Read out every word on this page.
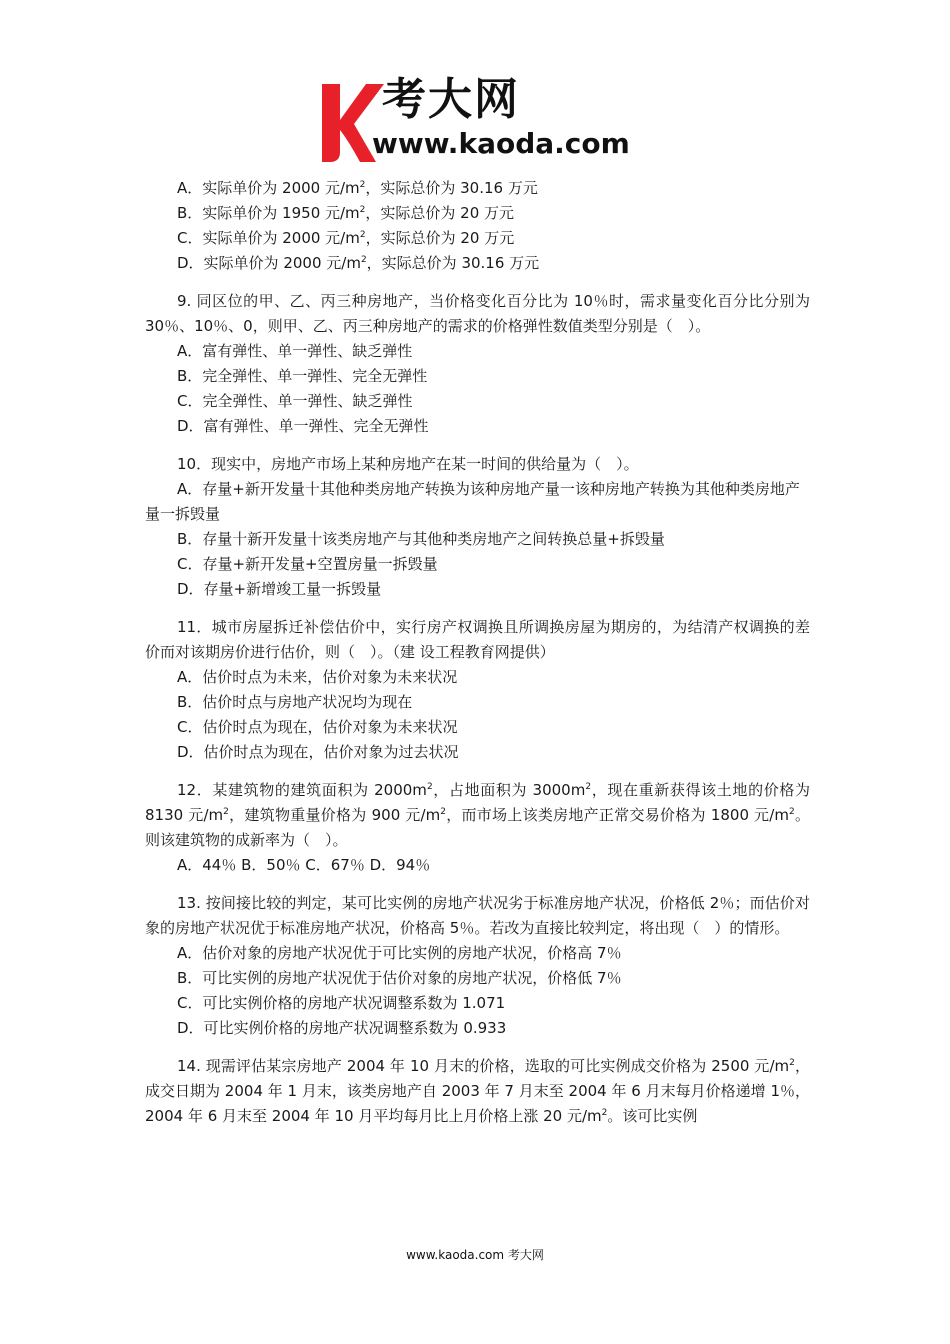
考大网
www.kaoda.com
A．实际单价为 2000 元$/m^2$，实际总价为 30.16 万元
B．实际单价为 1950 元$/m^2$，实际总价为 20 万元
C．实际单价为 2000 元$/m^2$，实际总价为 20 万元
D．实际单价为 2000 元$/m^2$，实际总价为 30.16 万元
9. 同区位的甲、乙、丙三种房地产，当价格变化百分比为 10％时，需求量变化百分比分别为 30％、10％、0，则甲、乙、丙三种房地产的需求的价格弹性数值类型分别是（　）。
A．富有弹性、单一弹性、缺乏弹性
B．完全弹性、单一弹性、完全无弹性
C．完全弹性、单一弹性、缺乏弹性
D．富有弹性、单一弹性、完全无弹性
10．现实中，房地产市场上某种房地产在某一时间的供给量为（　）。
A．存量+新开发量十其他种类房地产转换为该种房地产量一该种房地产转换为其他种类房地产量一拆毁量
B．存量十新开发量十该类房地产与其他种类房地产之间转换总量+拆毁量
C．存量+新开发量+空置房量一拆毁量
D．存量+新增竣工量一拆毁量
11．城市房屋拆迁补偿估价中，实行房产权调换且所调换房屋为期房的，为结清产权调换的差价而对该期房价进行估价，则（　）。（建 设工程教育网提供）
A．估价时点为未来，估价对象为未来状况
B．估价时点与房地产状况均为现在
C．估价时点为现在，估价对象为未来状况
D．估价时点为现在，估价对象为过去状况
12．某建筑物的建筑面积为 $2000m^2$，占地面积为 $3000m^2$，现在重新获得该土地的价格为 8130 元$/m^2$，建筑物重量价格为 900 元$/m^2$，而市场上该类房地产正常交易价格为 1800 元$/m^2$。则该建筑物的成新率为（　）。
A．44％ B．50％ C．67％ D．94％
13. 按间接比较的判定，某可比实例的房地产状况劣于标准房地产状况，价格低 2％；而估价对象的房地产状况优于标准房地产状况，价格高 5％。若改为直接比较判定，将出现（　）的情形。
A．估价对象的房地产状况优于可比实例的房地产状况，价格高 7％
B．可比实例的房地产状况优于估价对象的房地产状况，价格低 7％
C．可比实例价格的房地产状况调整系数为 1.071
D．可比实例价格的房地产状况调整系数为 0.933
14. 现需评估某宗房地产 2004 年 10 月末的价格，选取的可比实例成交价格为 2500 元$/m^2$，成交日期为 2004 年 1 月末，该类房地产自 2003 年 7 月末至 2004 年 6 月末每月价格递增 1％，2004 年 6 月末至 2004 年 10 月平均每月比上月价格上涨 20 元$/m^2$。该可比实例
www.kaoda.com 考大网
